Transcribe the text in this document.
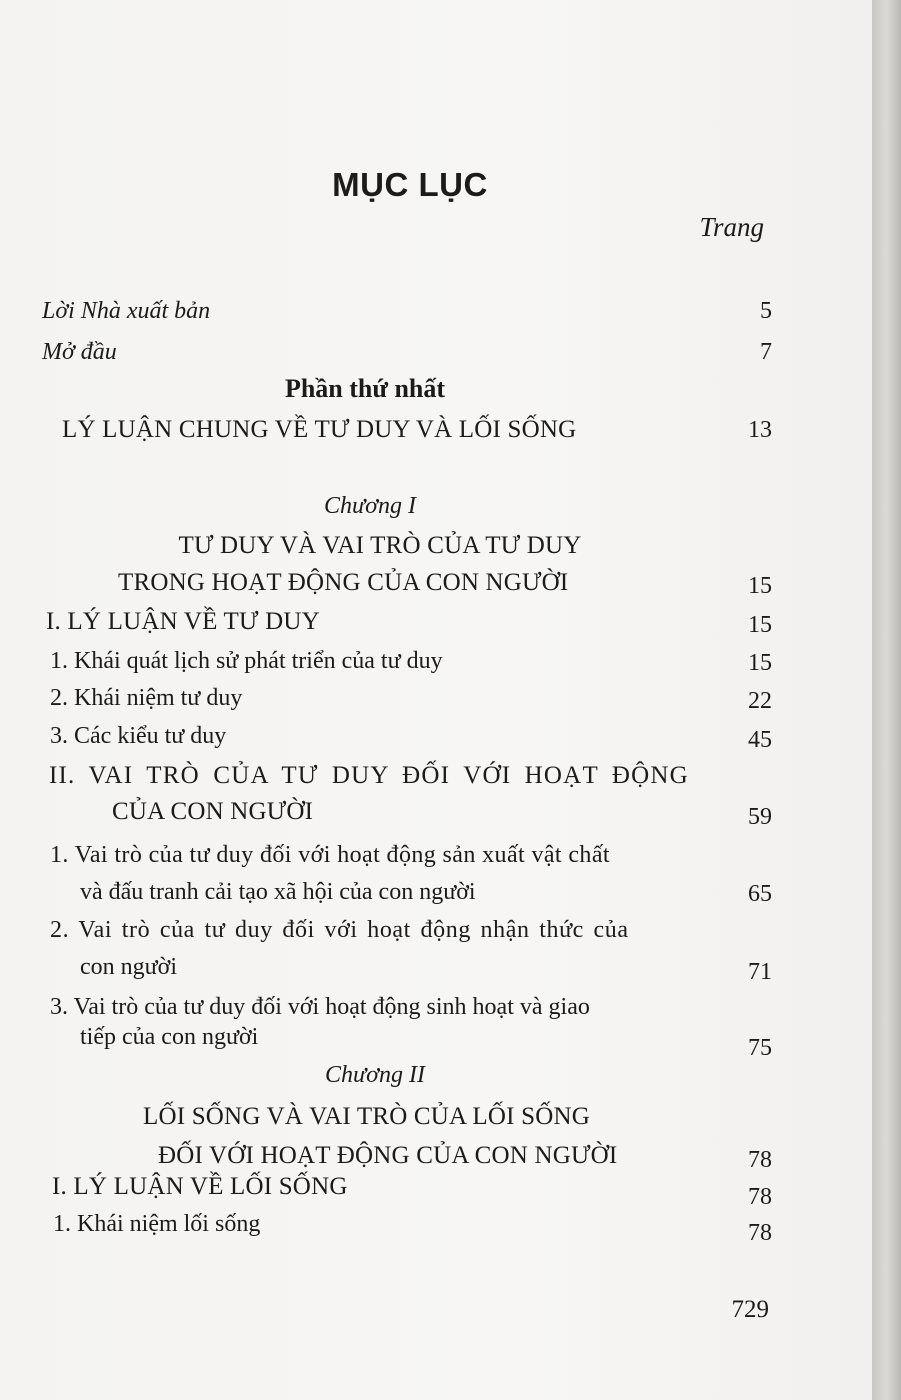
MỤC LỤC
Trang
Lời Nhà xuất bản	5
Mở đầu	7
Phần thứ nhất
LÝ LUẬN CHUNG VỀ TƯ DUY VÀ LỐI SỐNG	13
Chương I
TƯ DUY VÀ VAI TRÒ CỦA TƯ DUY
TRONG HOẠT ĐỘNG CỦA CON NGƯỜI	15
I. LÝ LUẬN VỀ TƯ DUY	15
1. Khái quát lịch sử phát triển của tư duy	15
2. Khái niệm tư duy	22
3. Các kiểu tư duy	45
II. VAI TRÒ CỦA TƯ DUY ĐỐI VỚI HOẠT ĐỘNG
CỦA CON NGƯỜI	59
1. Vai trò của tư duy đối với hoạt động sản xuất vật chất
và đấu tranh cải tạo xã hội của con người	65
2. Vai trò của tư duy đối với hoạt động nhận thức của
con người	71
3. Vai trò của tư duy đối với hoạt động sinh hoạt và giao
tiếp của con người	75
Chương II
LỐI SỐNG VÀ VAI TRÒ CỦA LỐI SỐNG
ĐỐI VỚI HOẠT ĐỘNG CỦA CON NGƯỜI	78
I. LÝ LUẬN VỀ LỐI SỐNG	78
1. Khái niệm lối sống	78
729
